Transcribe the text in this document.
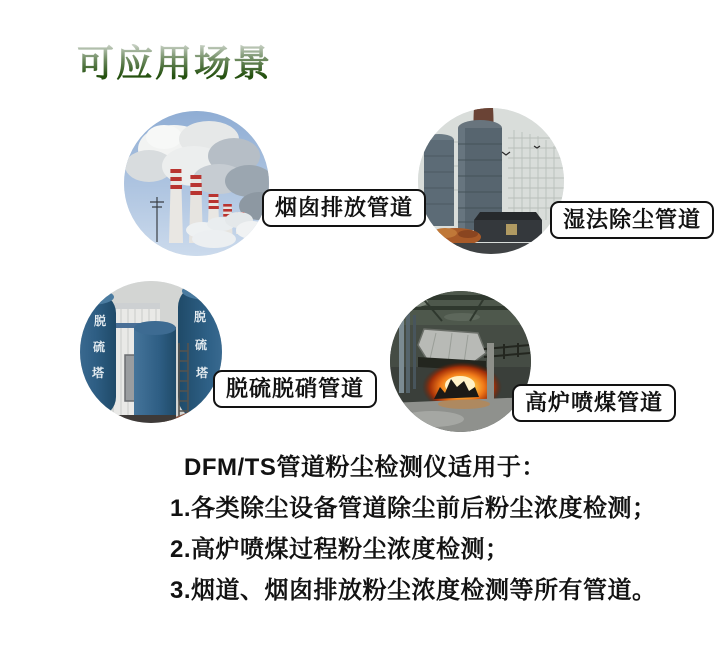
可应用场景
脱
硫
塔
脱
硫
塔
烟囱排放管道	湿法除尘管道
脱硫脱硝管道
高炉喷煤管道
DFM/TS管道粉尘检测仪适用于：
1.各类除尘设备管道除尘前后粉尘浓度检测；
2.高炉喷煤过程粉尘浓度检测；
3.烟道、烟囱排放粉尘浓度检测等所有管道。
